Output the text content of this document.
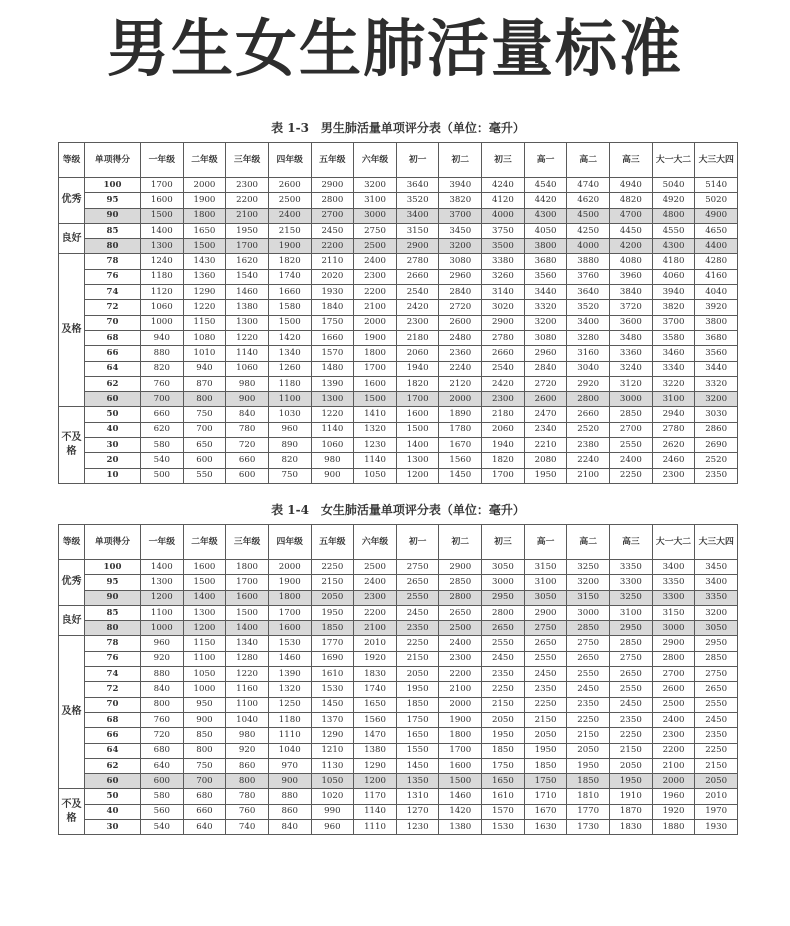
男生女生肺活量标准
表 1-3　男生肺活量单项评分表（单位：毫升）
等级	单项得分	一年级	二年级	三年级	四年级	五年级	六年级	初一	初二	初三	高一	高二	高三	大一大二	大三大四
优秀	100	1700	2000	2300	2600	2900	3200	3640	3940	4240	4540	4740	4940	5040	5140
	95	1600	1900	2200	2500	2800	3100	3520	3820	4120	4420	4620	4820	4920	5020
	90	1500	1800	2100	2400	2700	3000	3400	3700	4000	4300	4500	4700	4800	4900
良好	85	1400	1650	1950	2150	2450	2750	3150	3450	3750	4050	4250	4450	4550	4650
	80	1300	1500	1700	1900	2200	2500	2900	3200	3500	3800	4000	4200	4300	4400
及格	78	1240	1430	1620	1820	2110	2400	2780	3080	3380	3680	3880	4080	4180	4280
	76	1180	1360	1540	1740	2020	2300	2660	2960	3260	3560	3760	3960	4060	4160
	74	1120	1290	1460	1660	1930	2200	2540	2840	3140	3440	3640	3840	3940	4040
	72	1060	1220	1380	1580	1840	2100	2420	2720	3020	3320	3520	3720	3820	3920
	70	1000	1150	1300	1500	1750	2000	2300	2600	2900	3200	3400	3600	3700	3800
	68	940	1080	1220	1420	1660	1900	2180	2480	2780	3080	3280	3480	3580	3680
	66	880	1010	1140	1340	1570	1800	2060	2360	2660	2960	3160	3360	3460	3560
	64	820	940	1060	1260	1480	1700	1940	2240	2540	2840	3040	3240	3340	3440
	62	760	870	980	1180	1390	1600	1820	2120	2420	2720	2920	3120	3220	3320
	60	700	800	900	1100	1300	1500	1700	2000	2300	2600	2800	3000	3100	3200
不及格	50	660	750	840	1030	1220	1410	1600	1890	2180	2470	2660	2850	2940	3030
	40	620	700	780	960	1140	1320	1500	1780	2060	2340	2520	2700	2780	2860
	30	580	650	720	890	1060	1230	1400	1670	1940	2210	2380	2550	2620	2690
	20	540	600	660	820	980	1140	1300	1560	1820	2080	2240	2400	2460	2520
	10	500	550	600	750	900	1050	1200	1450	1700	1950	2100	2250	2300	2350
表 1-4　女生肺活量单项评分表（单位：毫升）
等级	单项得分	一年级	二年级	三年级	四年级	五年级	六年级	初一	初二	初三	高一	高二	高三	大一大二	大三大四
优秀	100	1400	1600	1800	2000	2250	2500	2750	2900	3050	3150	3250	3350	3400	3450
	95	1300	1500	1700	1900	2150	2400	2650	2850	3000	3100	3200	3300	3350	3400
	90	1200	1400	1600	1800	2050	2300	2550	2800	2950	3050	3150	3250	3300	3350
良好	85	1100	1300	1500	1700	1950	2200	2450	2650	2800	2900	3000	3100	3150	3200
	80	1000	1200	1400	1600	1850	2100	2350	2500	2650	2750	2850	2950	3000	3050
及格	78	960	1150	1340	1530	1770	2010	2250	2400	2550	2650	2750	2850	2900	2950
	76	920	1100	1280	1460	1690	1920	2150	2300	2450	2550	2650	2750	2800	2850
	74	880	1050	1220	1390	1610	1830	2050	2200	2350	2450	2550	2650	2700	2750
	72	840	1000	1160	1320	1530	1740	1950	2100	2250	2350	2450	2550	2600	2650
	70	800	950	1100	1250	1450	1650	1850	2000	2150	2250	2350	2450	2500	2550
	68	760	900	1040	1180	1370	1560	1750	1900	2050	2150	2250	2350	2400	2450
	66	720	850	980	1110	1290	1470	1650	1800	1950	2050	2150	2250	2300	2350
	64	680	800	920	1040	1210	1380	1550	1700	1850	1950	2050	2150	2200	2250
	62	640	750	860	970	1130	1290	1450	1600	1750	1850	1950	2050	2100	2150
	60	600	700	800	900	1050	1200	1350	1500	1650	1750	1850	1950	2000	2050
不及格	50	580	680	780	880	1020	1170	1310	1460	1610	1710	1810	1910	1960	2010
	40	560	660	760	860	990	1140	1270	1420	1570	1670	1770	1870	1920	1970
	30	540	640	740	840	960	1110	1230	1380	1530	1630	1730	1830	1880	1930
